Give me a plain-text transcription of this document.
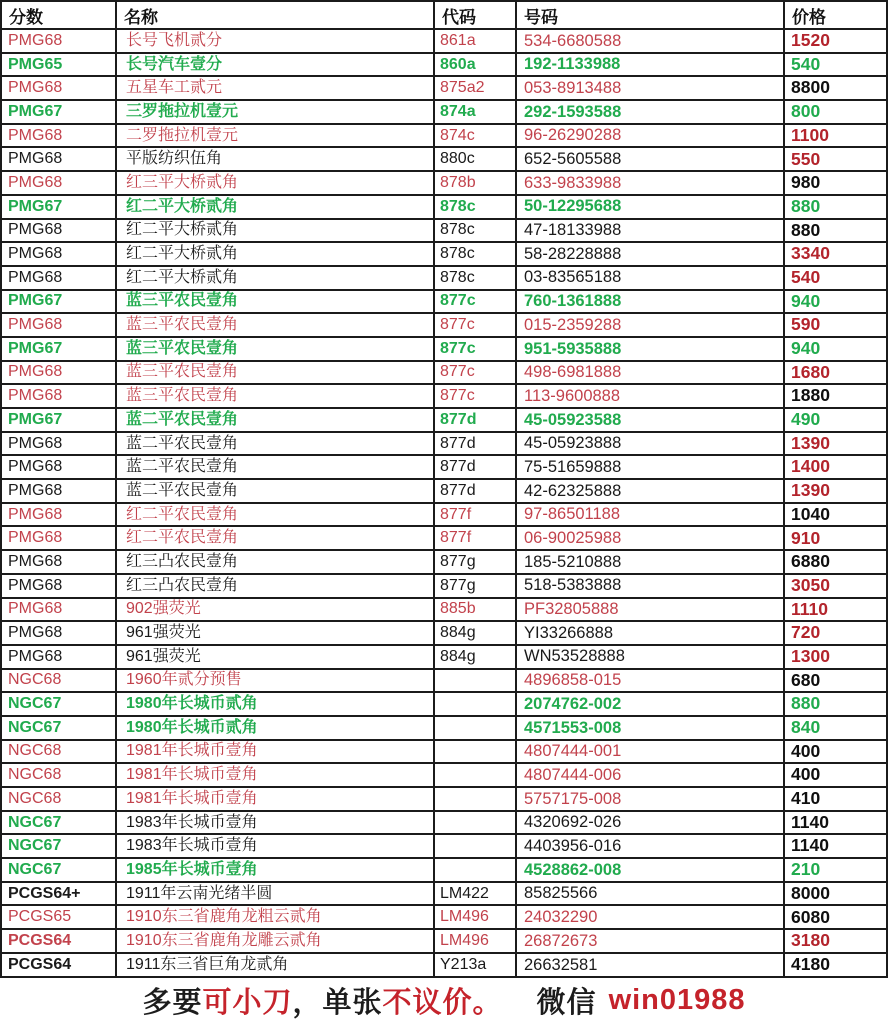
分数	名称	代码	号码	价格
PMG68	长号飞机贰分	861a	534-6680588	1520
PMG65	长号汽车壹分	860a	192-1133988	540
PMG68	五星车工贰元	875a2	053-8913488	8800
PMG67	三罗拖拉机壹元	874a	292-1593588	800
PMG68	二罗拖拉机壹元	874c	96-26290288	1100
PMG68	平版纺织伍角	880c	652-5605588	550
PMG68	红三平大桥贰角	878b	633-9833988	980
PMG67	红二平大桥贰角	878c	50-12295688	880
PMG68	红二平大桥贰角	878c	47-18133988	880
PMG68	红二平大桥贰角	878c	58-28228888	3340
PMG68	红二平大桥贰角	878c	03-83565188	540
PMG67	蓝三平农民壹角	877c	760-1361888	940
PMG68	蓝三平农民壹角	877c	015-2359288	590
PMG67	蓝三平农民壹角	877c	951-5935888	940
PMG68	蓝三平农民壹角	877c	498-6981888	1680
PMG68	蓝三平农民壹角	877c	113-9600888	1880
PMG67	蓝二平农民壹角	877d	45-05923588	490
PMG68	蓝二平农民壹角	877d	45-05923888	1390
PMG68	蓝二平农民壹角	877d	75-51659888	1400
PMG68	蓝二平农民壹角	877d	42-62325888	1390
PMG68	红二平农民壹角	877f	97-86501188	1040
PMG68	红二平农民壹角	877f	06-90025988	910
PMG68	红三凸农民壹角	877g	185-5210888	6880
PMG68	红三凸农民壹角	877g	518-5383888	3050
PMG68	902强荧光	885b	PF32805888	1110
PMG68	961强荧光	884g	YI33266888	720
PMG68	961强荧光	884g	WN53528888	1300
NGC68	1960年贰分预售		4896858-015	680
NGC67	1980年长城币贰角		2074762-002	880
NGC67	1980年长城币贰角		4571553-008	840
NGC68	1981年长城币壹角		4807444-001	400
NGC68	1981年长城币壹角		4807444-006	400
NGC68	1981年长城币壹角		5757175-008	410
NGC67	1983年长城币壹角		4320692-026	1140
NGC67	1983年长城币壹角		4403956-016	1140
NGC67	1985年长城币壹角		4528862-008	210
PCGS64+	1911年云南光绪半圆	LM422	85825566	8000
PCGS65	1910东三省鹿角龙粗云贰角	LM496	24032290	6080
PCGS64	1910东三省鹿角龙雕云贰角	LM496	26872673	3180
PCGS64	1911东三省巨角龙贰角	Y213a	26632581	4180
多要 可小刀 ， 单张 不议价 。 微信 win01988
